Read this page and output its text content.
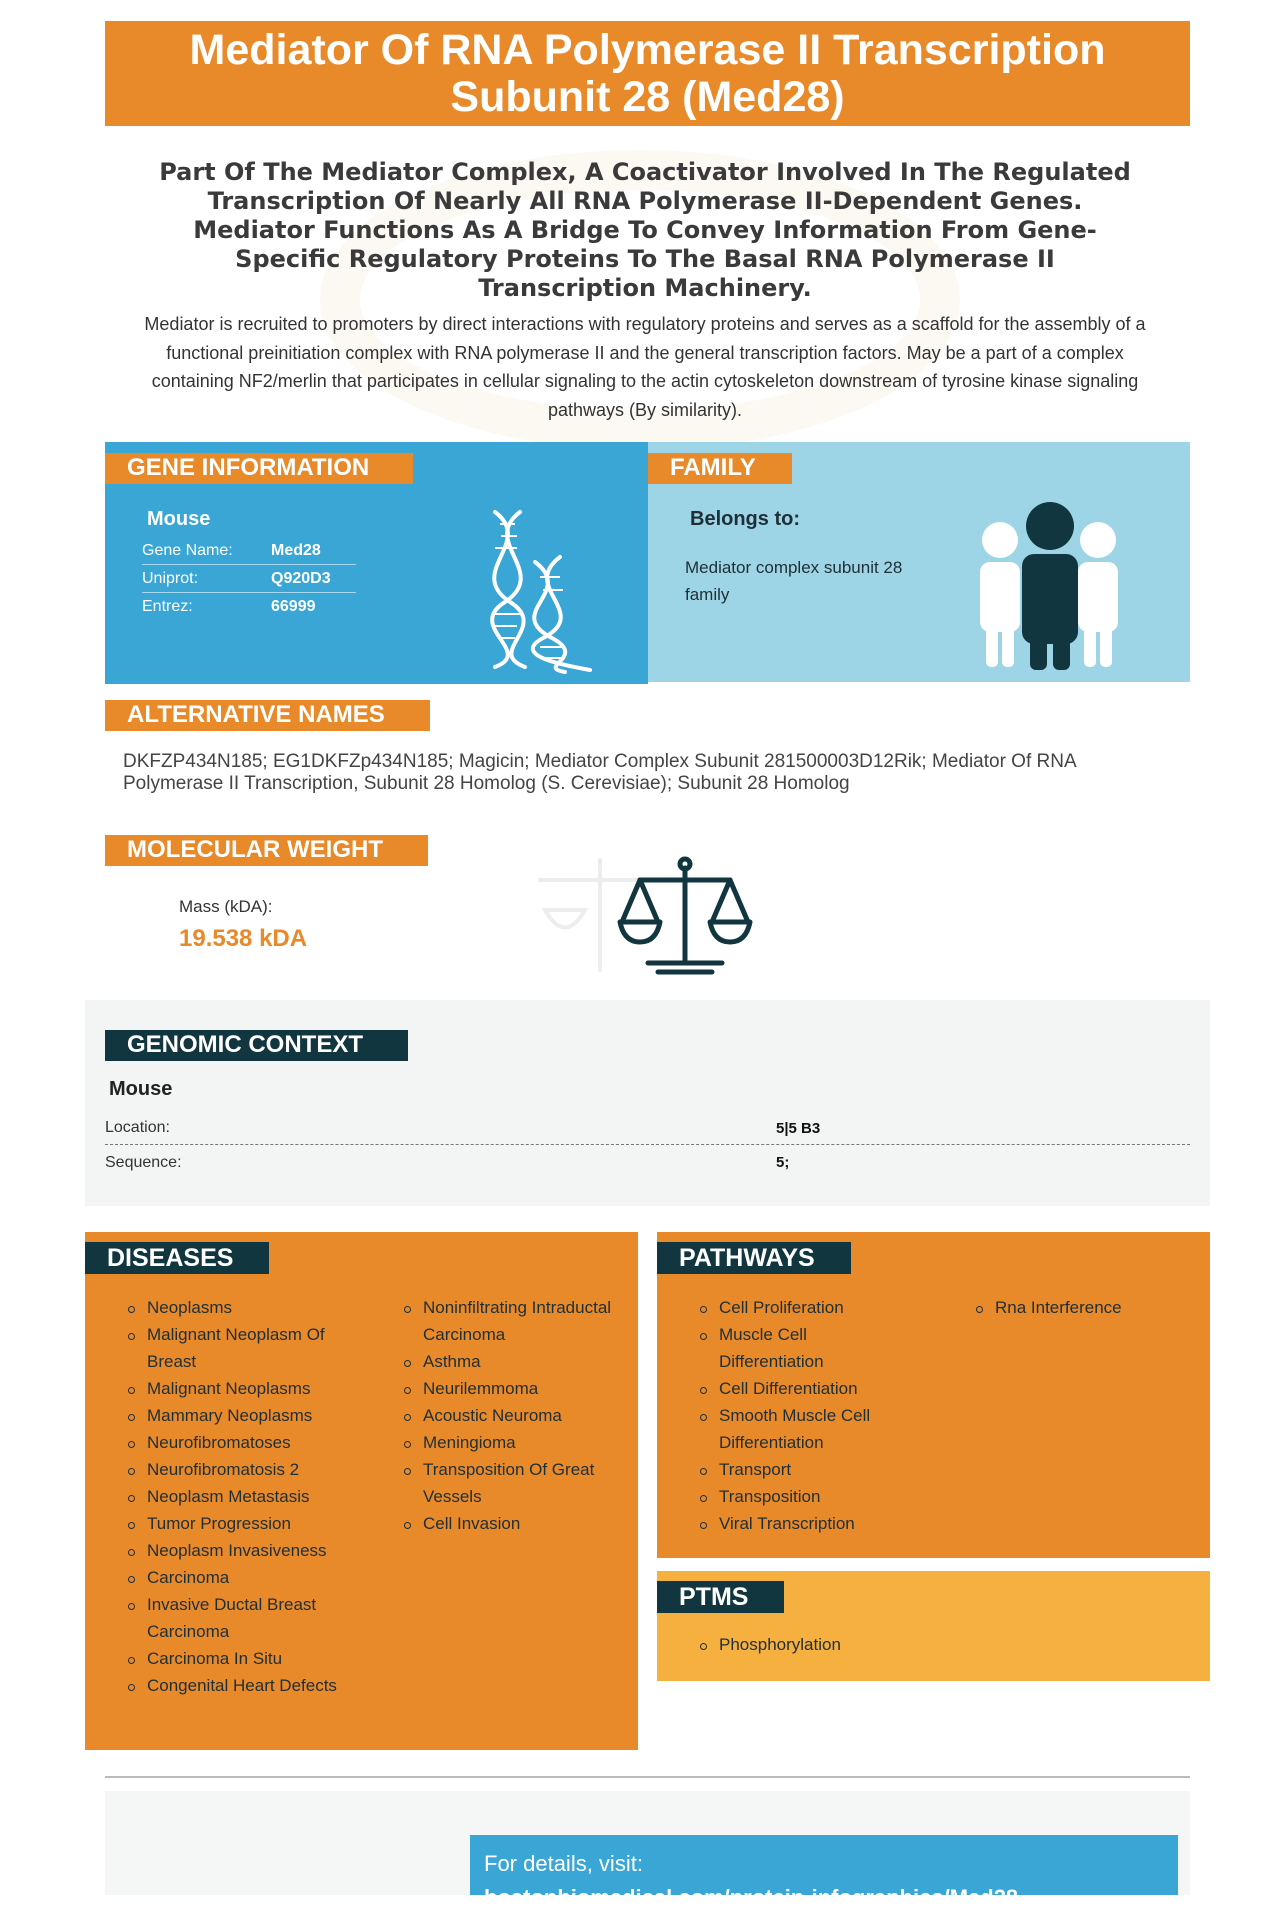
Mediator Of RNA Polymerase II Transcription Subunit 28 (Med28)
Part Of The Mediator Complex, A Coactivator Involved In The Regulated Transcription Of Nearly All RNA Polymerase II-Dependent Genes. Mediator Functions As A Bridge To Convey Information From Gene-Specific Regulatory Proteins To The Basal RNA Polymerase II Transcription Machinery.
Mediator is recruited to promoters by direct interactions with regulatory proteins and serves as a scaffold for the assembly of a functional preinitiation complex with RNA polymerase II and the general transcription factors. May be a part of a complex containing NF2/merlin that participates in cellular signaling to the actin cytoskeleton downstream of tyrosine kinase signaling pathways (By similarity).
GENE INFORMATION
Mouse
Gene Name:	Med28
Uniprot:	Q920D3
Entrez:	66999
FAMILY
Belongs to:
Mediator complex subunit 28 family
ALTERNATIVE NAMES
DKFZP434N185; EG1DKFZp434N185; Magicin; Mediator Complex Subunit 281500003D12Rik; Mediator Of RNA Polymerase II Transcription, Subunit 28 Homolog (S. Cerevisiae); Subunit 28 Homolog
MOLECULAR WEIGHT
Mass (kDA):
19.538 kDA
GENOMIC CONTEXT
Mouse
Location:	5|5 B3
Sequence:	5;
DISEASES
Neoplasms
Malignant Neoplasm Of Breast
Malignant Neoplasms
Mammary Neoplasms
Neurofibromatoses
Neurofibromatosis 2
Neoplasm Metastasis
Tumor Progression
Neoplasm Invasiveness
Carcinoma
Invasive Ductal Breast Carcinoma
Carcinoma In Situ
Congenital Heart Defects
Noninfiltrating Intraductal Carcinoma
Asthma
Neurilemmoma
Acoustic Neuroma
Meningioma
Transposition Of Great Vessels
Cell Invasion
PATHWAYS
Cell Proliferation
Muscle Cell Differentiation
Cell Differentiation
Smooth Muscle Cell Differentiation
Transport
Transposition
Viral Transcription
Rna Interference
PTMS
Phosphorylation
For details, visit:
bostonbiomedical.com/protein-infographics/Med28
